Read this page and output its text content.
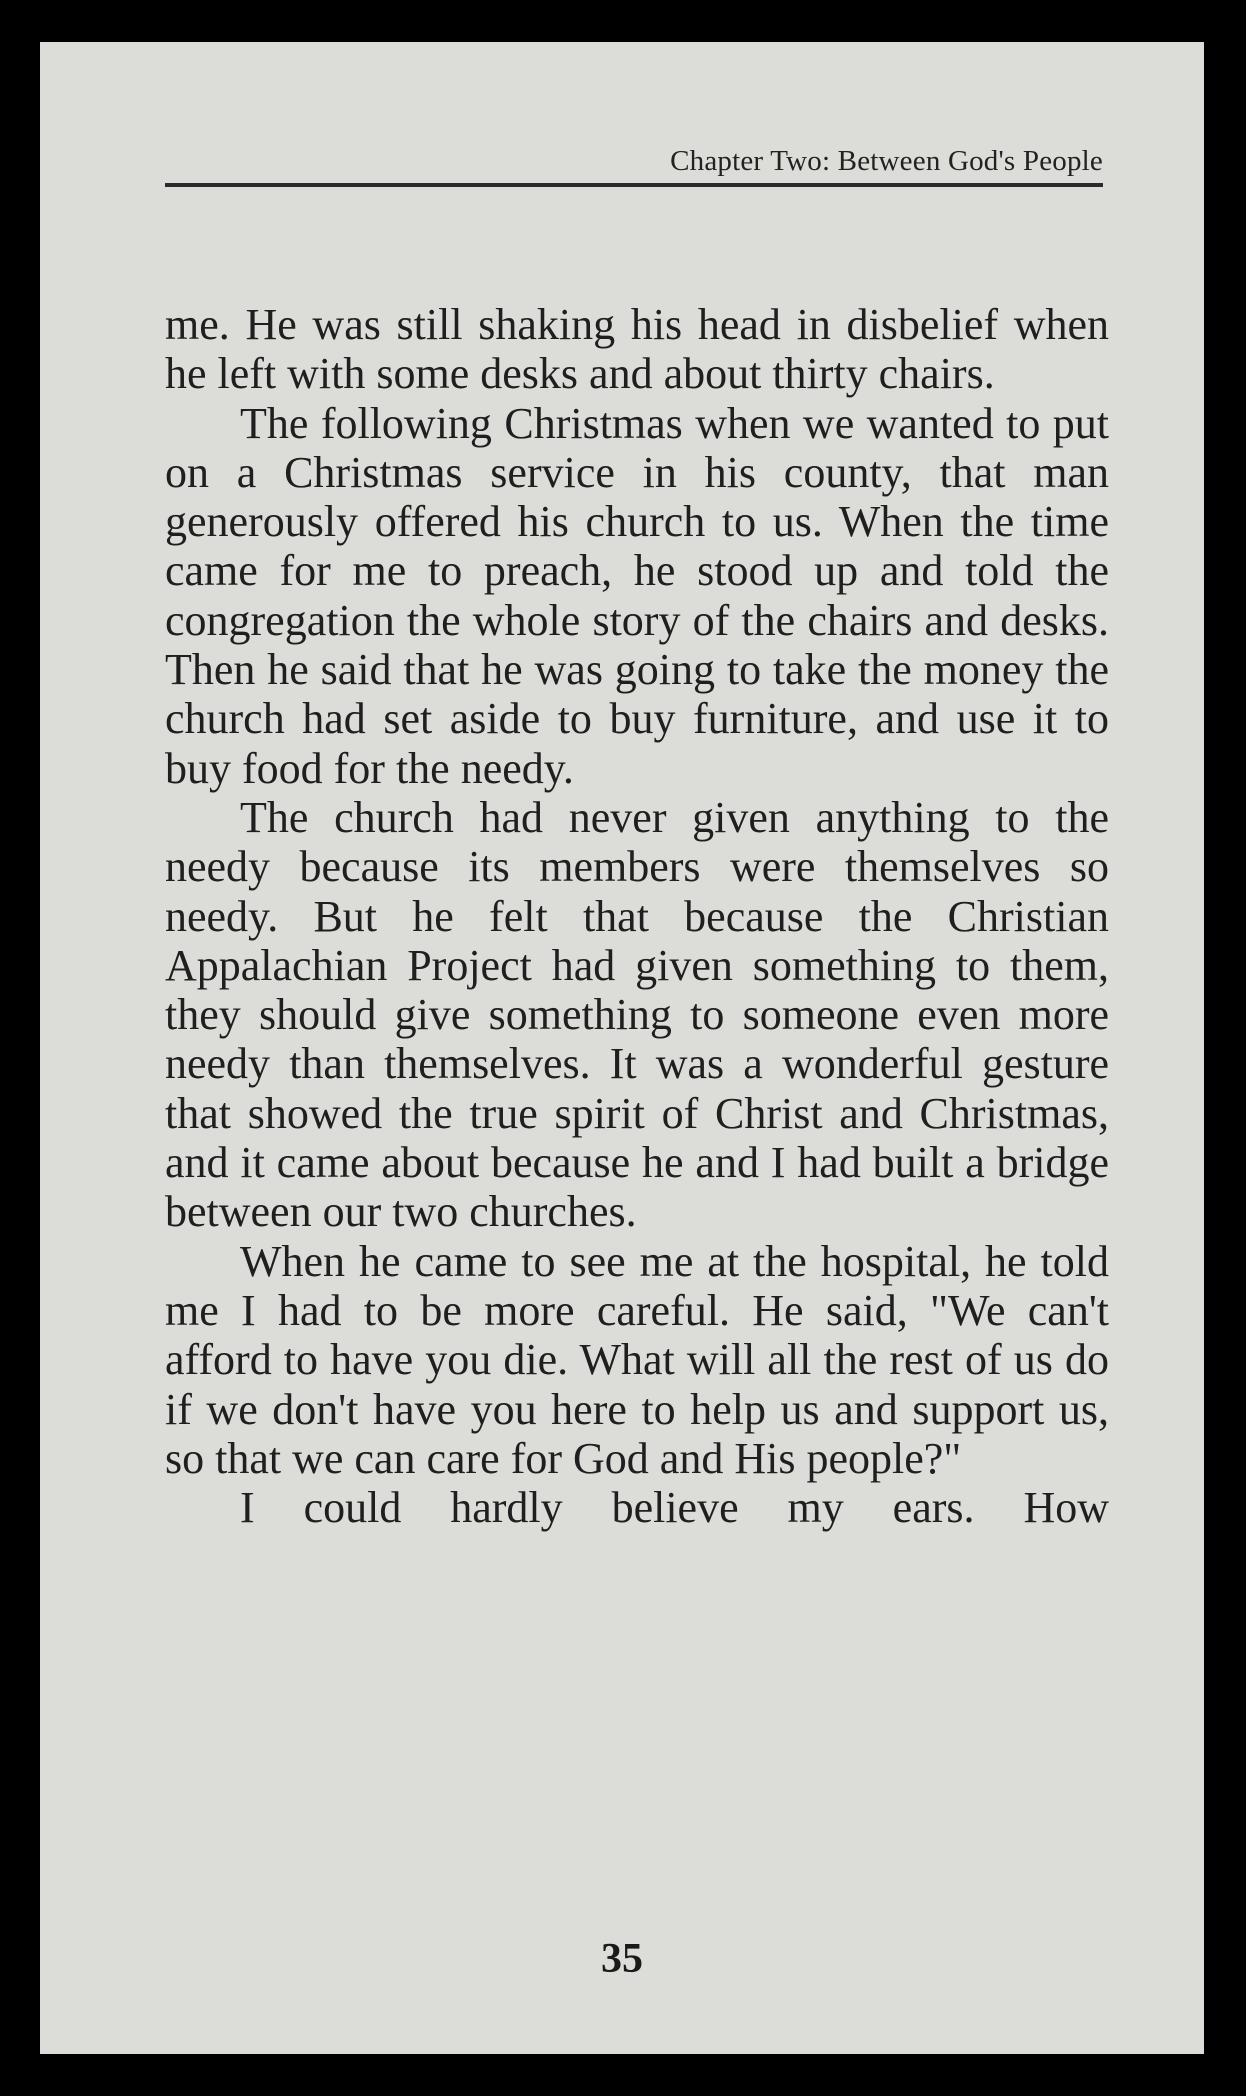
Chapter Two: Between God's People

me. He was still shaking his head in disbelief when he left with some desks and about thirty chairs.

The following Christmas when we wanted to put on a Christmas service in his county, that man generously offered his church to us. When the time came for me to preach, he stood up and told the congregation the whole story of the chairs and desks. Then he said that he was going to take the money the church had set aside to buy furniture, and use it to buy food for the needy.

The church had never given anything to the needy because its members were themselves so needy. But he felt that because the Christian Appalachian Project had given something to them, they should give something to someone even more needy than themselves. It was a wonderful gesture that showed the true spirit of Christ and Christmas, and it came about because he and I had built a bridge between our two churches.

When he came to see me at the hospital, he told me I had to be more careful. He said, "We can't afford to have you die. What will all the rest of us do if we don't have you here to help us and support us, so that we can care for God and His people?"

I could hardly believe my ears. How

35
